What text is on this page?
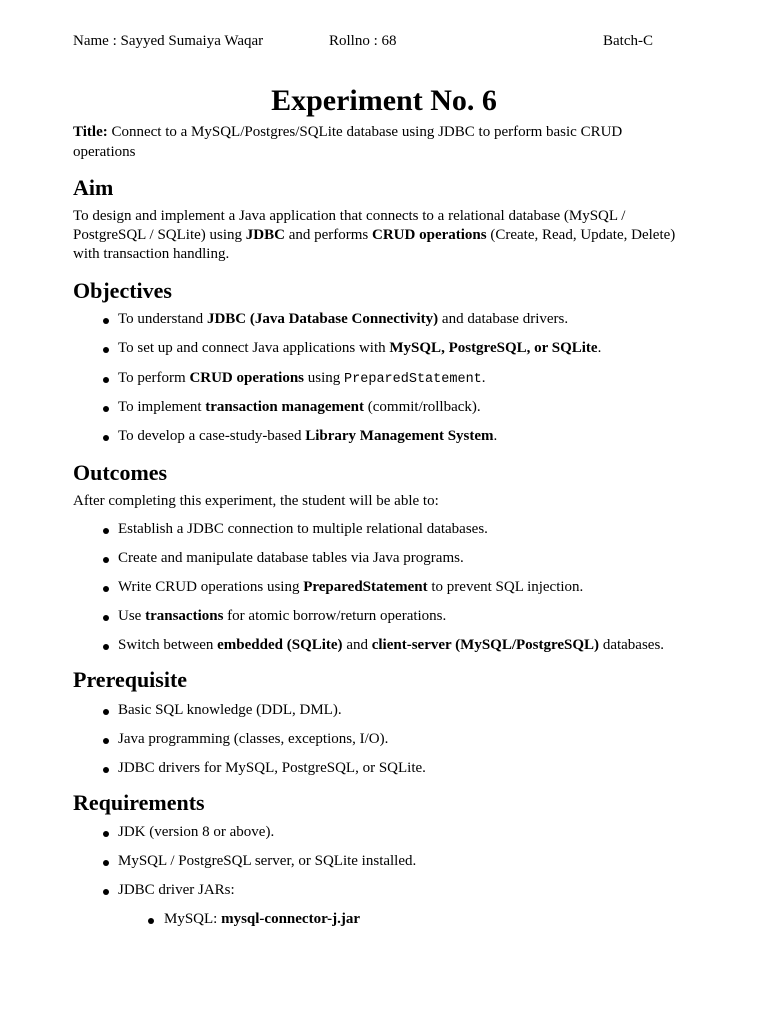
Name : Sayyed Sumaiya Waqar	Rollno : 68	Batch-C
Experiment No. 6
Title: Connect to a MySQL/Postgres/SQLite database using JDBC to perform basic CRUD
operations
Aim
To design and implement a Java application that connects to a relational database (MySQL /
PostgreSQL / SQLite) using JDBC and performs CRUD operations (Create, Read, Update, Delete)
with transaction handling.
Objectives
To understand JDBC (Java Database Connectivity) and database drivers.
To set up and connect Java applications with MySQL, PostgreSQL, or SQLite.
To perform CRUD operations using PreparedStatement.
To implement transaction management (commit/rollback).
To develop a case-study-based Library Management System.
Outcomes
After completing this experiment, the student will be able to:
Establish a JDBC connection to multiple relational databases.
Create and manipulate database tables via Java programs.
Write CRUD operations using PreparedStatement to prevent SQL injection.
Use transactions for atomic borrow/return operations.
Switch between embedded (SQLite) and client-server (MySQL/PostgreSQL) databases.
Prerequisite
Basic SQL knowledge (DDL, DML).
Java programming (classes, exceptions, I/O).
JDBC drivers for MySQL, PostgreSQL, or SQLite.
Requirements
JDK (version 8 or above).
MySQL / PostgreSQL server, or SQLite installed.
JDBC driver JARs:
MySQL: mysql-connector-j.jar
